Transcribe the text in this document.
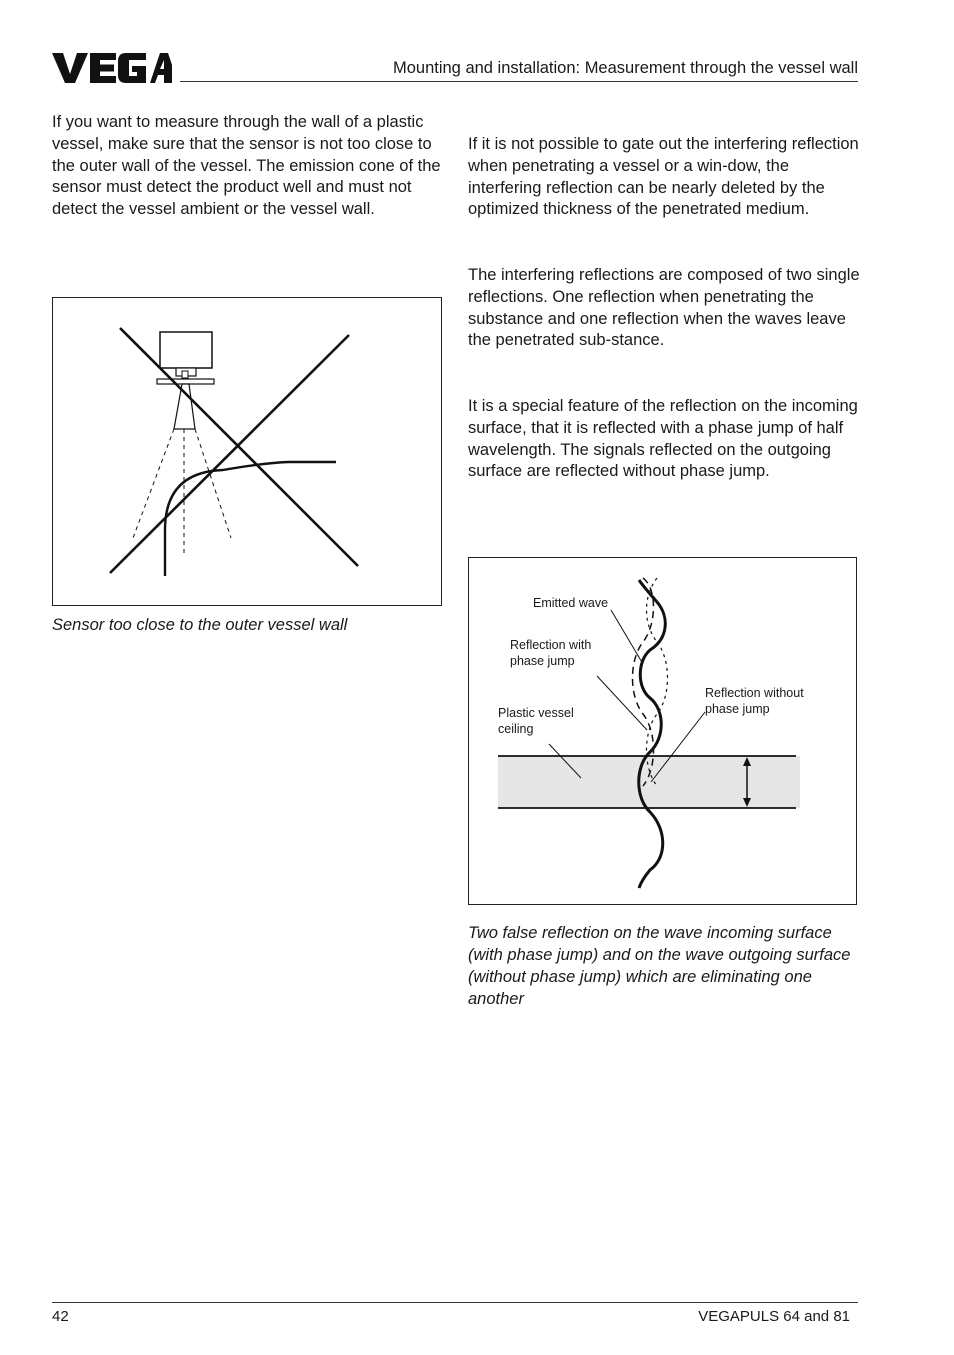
Mounting and installation: Measurement through the vessel wall

If you want to measure through the wall of a plastic vessel, make sure that the sensor is not too close to the outer wall of the vessel. The emission cone of the sensor must detect the product well and must not detect the vessel ambient or the vessel wall.

Sensor too close to the outer vessel wall

If it is not possible to gate out the interfering reflection when penetrating a vessel or a win-dow, the interfering reflection can be nearly deleted by the optimized thickness of the penetrated medium.

The interfering reflections are composed of two single reflections. One reflection when penetrating the substance and one reflection when the waves leave the penetrated sub-stance.

It is a special feature of the reflection on the incoming surface, that it is reflected with a phase jump of half wavelength. The signals reflected on the outgoing surface are reflected without phase jump.

Emitted wave
Reflection with
phase jump
Reflection without
phase jump
Plastic vessel
ceiling

Two false reflection on the wave incoming surface (with phase jump) and on the wave outgoing surface (without phase jump) which are eliminating one another

42	VEGAPULS 64 and 81
